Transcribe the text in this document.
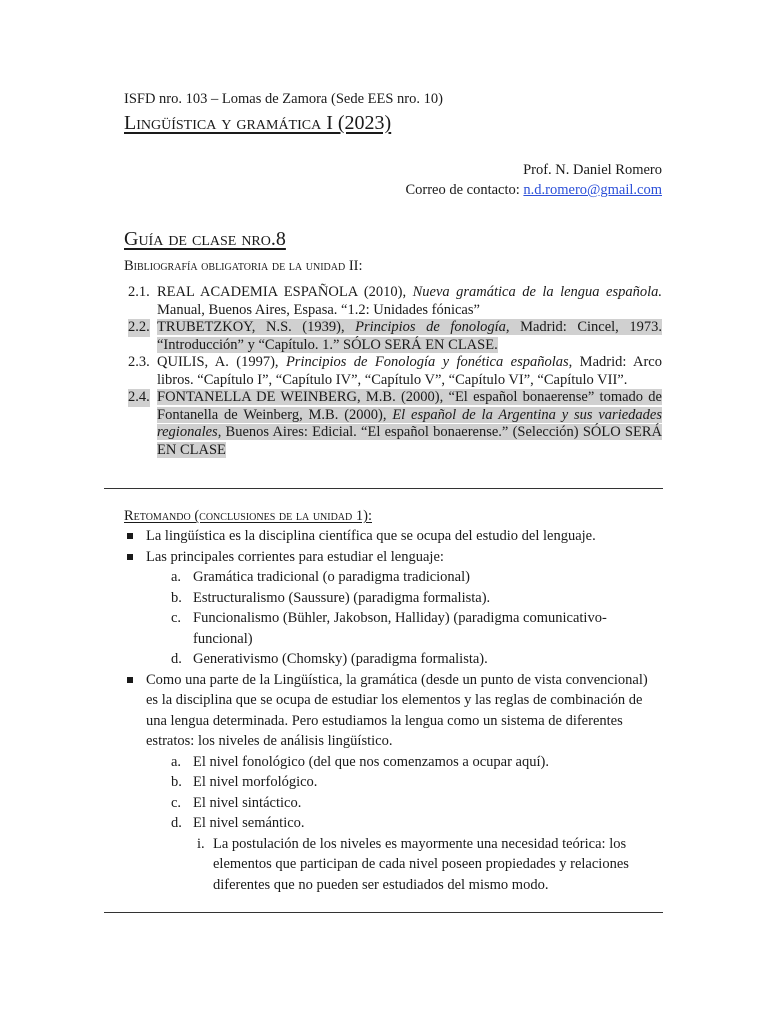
ISFD nro. 103 – Lomas de Zamora (Sede EES nro. 10)
Lingüística y gramática I (2023)
Prof. N. Daniel Romero
Correo de contacto: n.d.romero@gmail.com
Guía de clase nro.8
Bibliografía obligatoria de la unidad II:
2.1. REAL ACADEMIA ESPAÑOLA (2010), Nueva gramática de la lengua española. Manual, Buenos Aires, Espasa. “1.2: Unidades fónicas”
2.2. TRUBETZKOY, N.S. (1939), Principios de fonología, Madrid: Cincel, 1973. “Introducción” y “Capítulo. 1.” SÓLO SERÁ EN CLASE.
2.3. QUILIS, A. (1997), Principios de Fonología y fonética españolas, Madrid: Arco libros. “Capítulo I”, “Capítulo IV”, “Capítulo V”, “Capítulo VI”, “Capítulo VII”.
2.4. FONTANELLA DE WEINBERG, M.B. (2000), “El español bonaerense” tomado de Fontanella de Weinberg, M.B. (2000), El español de la Argentina y sus variedades regionales, Buenos Aires: Edicial. “El español bonaerense.” (Selección) SÓLO SERÁ EN CLASE
Retomando (conclusiones de la unidad 1):
La lingüística es la disciplina científica que se ocupa del estudio del lenguaje.
Las principales corrientes para estudiar el lenguaje:
a. Gramática tradicional (o paradigma tradicional)
b. Estructuralismo (Saussure) (paradigma formalista).
c. Funcionalismo (Bühler, Jakobson, Halliday) (paradigma comunicativo-funcional)
d. Generativismo (Chomsky) (paradigma formalista).
Como una parte de la Lingüística, la gramática (desde un punto de vista convencional) es la disciplina que se ocupa de estudiar los elementos y las reglas de combinación de una lengua determinada. Pero estudiamos la lengua como un sistema de diferentes estratos: los niveles de análisis lingüístico.
a. El nivel fonológico (del que nos comenzamos a ocupar aquí).
b. El nivel morfológico.
c. El nivel sintáctico.
d. El nivel semántico.
i. La postulación de los niveles es mayormente una necesidad teórica: los elementos que participan de cada nivel poseen propiedades y relaciones diferentes que no pueden ser estudiados del mismo modo.
